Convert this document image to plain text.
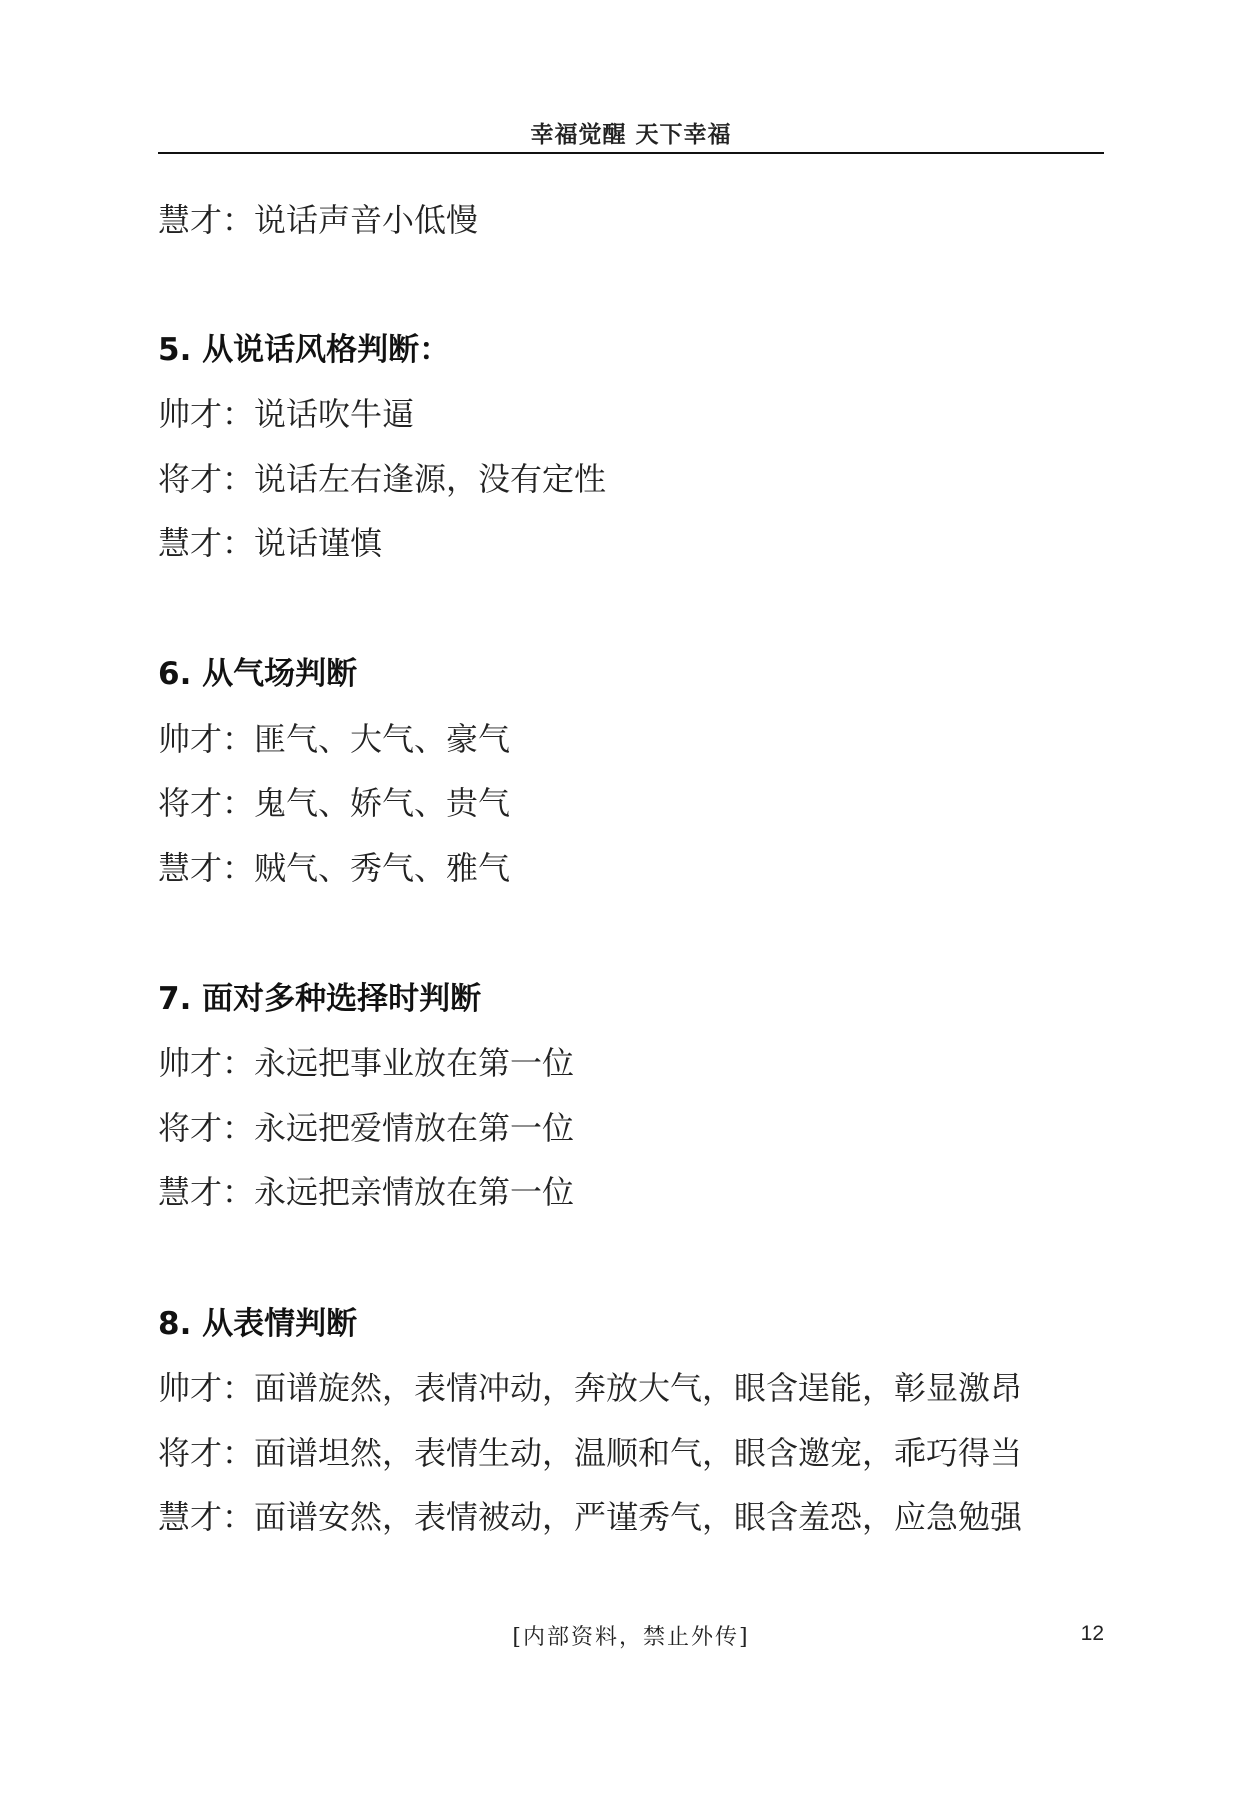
幸福觉醒 天下幸福
慧才：说话声音小低慢
5. 从说话风格判断：
帅才：说话吹牛逼
将才：说话左右逢源，没有定性
慧才：说话谨慎
6. 从气场判断
帅才：匪气、大气、豪气
将才：鬼气、娇气、贵气
慧才：贼气、秀气、雅气
7. 面对多种选择时判断
帅才：永远把事业放在第一位
将才：永远把爱情放在第一位
慧才：永远把亲情放在第一位
8. 从表情判断
帅才：面谱旋然，表情冲动，奔放大气，眼含逞能，彰显激昂
将才：面谱坦然，表情生动，温顺和气，眼含邀宠，乖巧得当
慧才：面谱安然，表情被动，严谨秀气，眼含羞恐，应急勉强
[内部资料，禁止外传]	12
